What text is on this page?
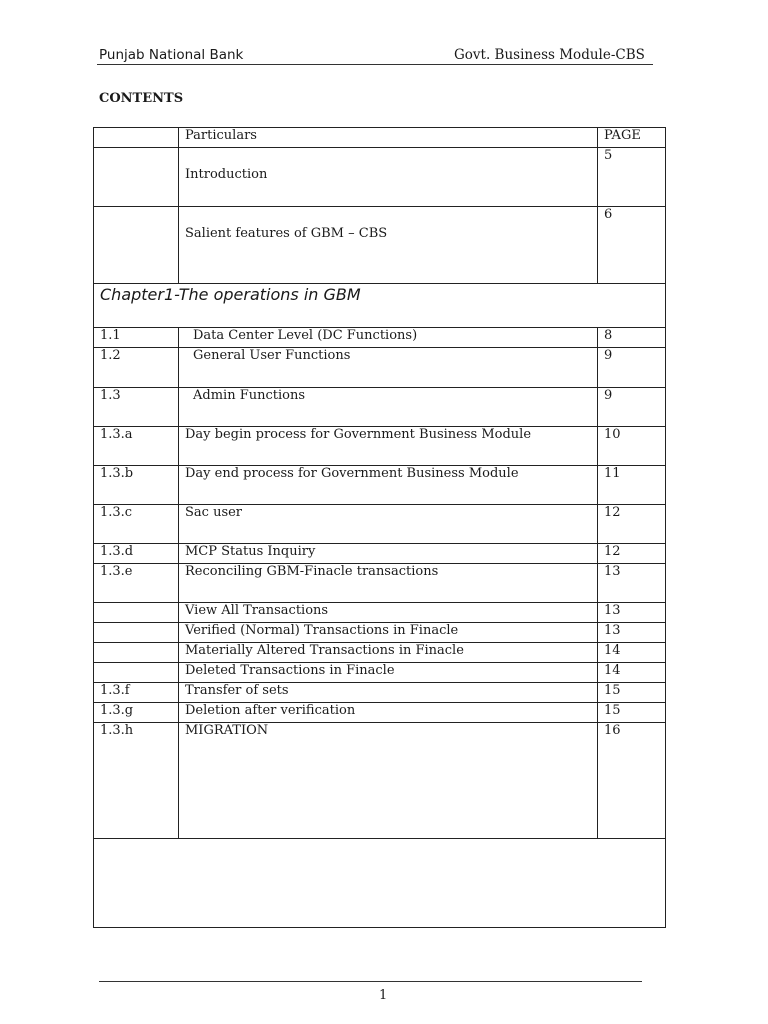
Punjab National Bank	Govt. Business Module-CBS
CONTENTS
	Particulars	PAGE

	Introduction	5

	Salient features of GBM – CBS	6
Chapter1-The operations in GBM		
1.1	Data Center Level (DC Functions)	8
1.2	General User Functions	9
1.3	Admin Functions	9
1.3.a	Day begin process for Government Business Module	10
1.3.b	Day end process for Government Business Module	11
1.3.c	Sac user	12
1.3.d	MCP Status Inquiry	12
1.3.e	Reconciling GBM-Finacle transactions	13
	View All Transactions	13
	Verified (Normal) Transactions in Finacle	13
	Materially Altered Transactions in Finacle	14
	Deleted Transactions in Finacle	14
1.3.f	Transfer of sets	15
1.3.g	Deletion after verification	15
1.3.h	MIGRATION	16

1
